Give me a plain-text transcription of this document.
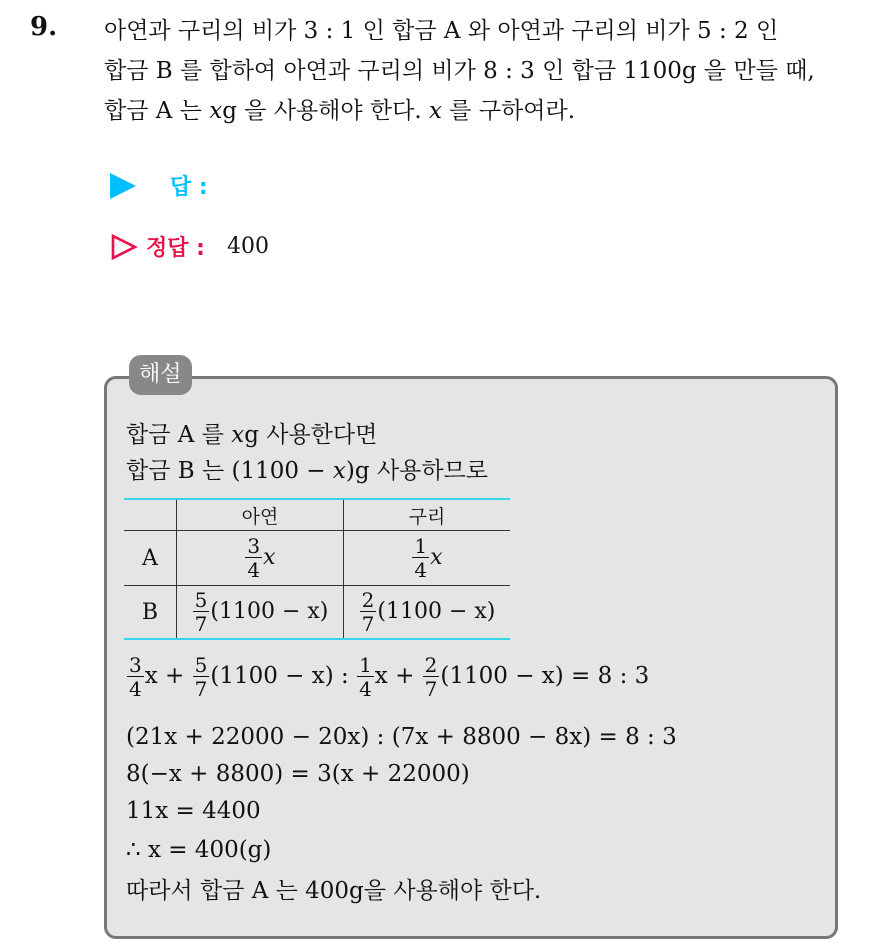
9. 아연과 구리의 비가 3 : 1 인 합금 A 와 아연과 구리의 비가 5 : 2 인
합금 B 를 합하여 아연과 구리의 비가 8 : 3 인 합금 1100g 을 만들 때,
합금 A 는 xg 을 사용해야 한다. x 를 구하여라.
답 :
정답 : 400
해설
합금 A 를 xg 사용한다면
합금 B 는 (1100 − x)g 사용하므로
	아연	구리
A	$\frac{3}{4}$ x	$\frac{1}{4}$ x
B	$\frac{5}{7} (1100 - x)$	$\frac{2}{7} (1100 - x)$
$\frac{3}{4}$ $x + \frac{5}{7} (1100 - x)$ : $\frac{1}{4}$ $x + \frac{2}{7} (1100 - x) = 8$ : 3
(21x + 22000 − 20x) : (7x + 8800 − 8x) = 8 : 3
8(−x + 8800) = 3(x + 22000)
11x = 4400
∴ x = 400(g)
따라서 합금 A 는 400g을 사용해야 한다.
